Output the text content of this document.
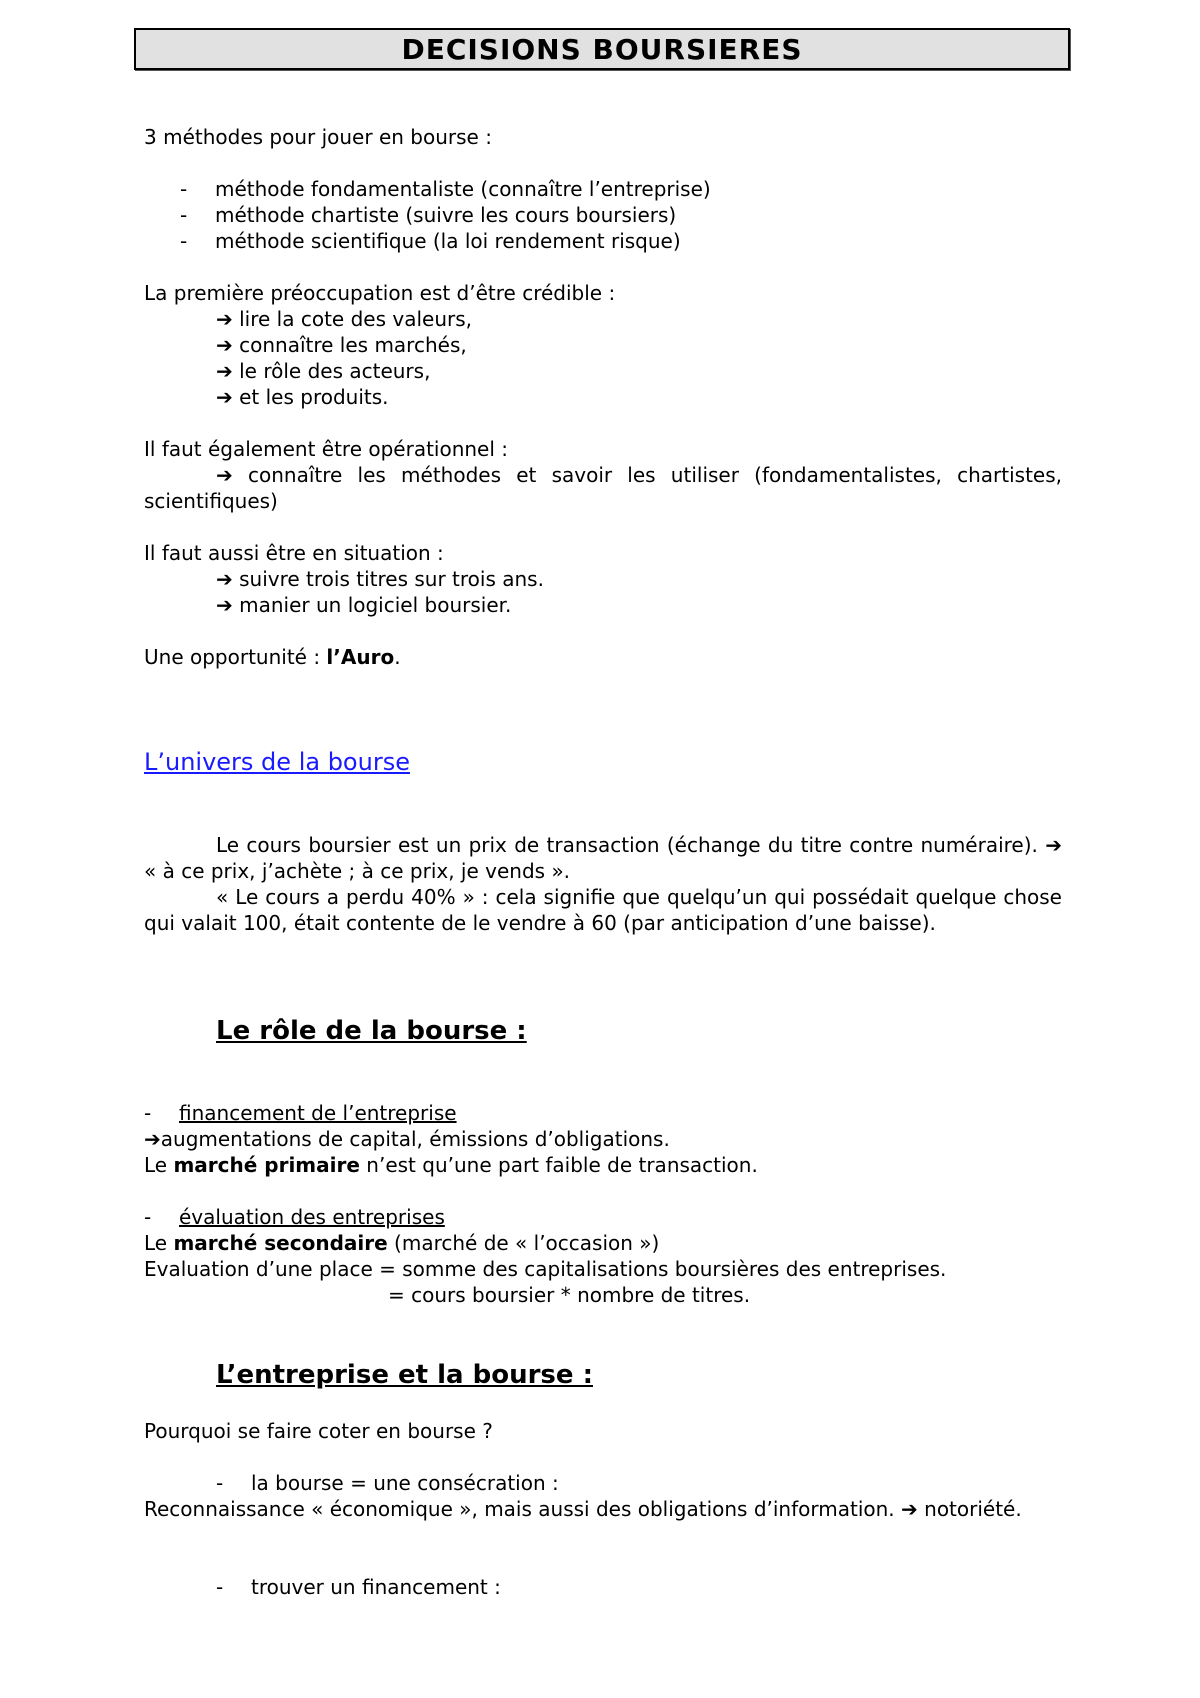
DECISIONS BOURSIERES
3 méthodes pour jouer en bourse :
- méthode fondamentaliste (connaître l’entreprise)
- méthode chartiste (suivre les cours boursiers)
- méthode scientifique (la loi rendement risque)
La première préoccupation est d’être crédible :
➔ lire la cote des valeurs,
➔ connaître les marchés,
➔ le rôle des acteurs,
➔ et les produits.
Il faut également être opérationnel :
➔ connaître les méthodes et savoir les utiliser (fondamentalistes, chartistes, scientifiques)
Il faut aussi être en situation :
➔ suivre trois titres sur trois ans.
➔ manier un logiciel boursier.
Une opportunité : l’Auro.
L’univers de la bourse
Le cours boursier est un prix de transaction (échange du titre contre numéraire). ➔ « à ce prix, j’achète ; à ce prix, je vends ».
« Le cours a perdu 40% » : cela signifie que quelqu’un qui possédait quelque chose qui valait 100, était contente de le vendre à 60 (par anticipation d’une baisse).
Le rôle de la bourse :
- financement de l’entreprise
➔augmentations de capital, émissions d’obligations.
Le marché primaire n’est qu’une part faible de transaction.
- évaluation des entreprises
Le marché secondaire (marché de « l’occasion »)
Evaluation d’une place = somme des capitalisations boursières des entreprises.
= cours boursier * nombre de titres.
L’entreprise et la bourse :
Pourquoi se faire coter en bourse ?
- la bourse = une consécration :
Reconnaissance « économique », mais aussi des obligations d’information. ➔ notoriété.
- trouver un financement :
